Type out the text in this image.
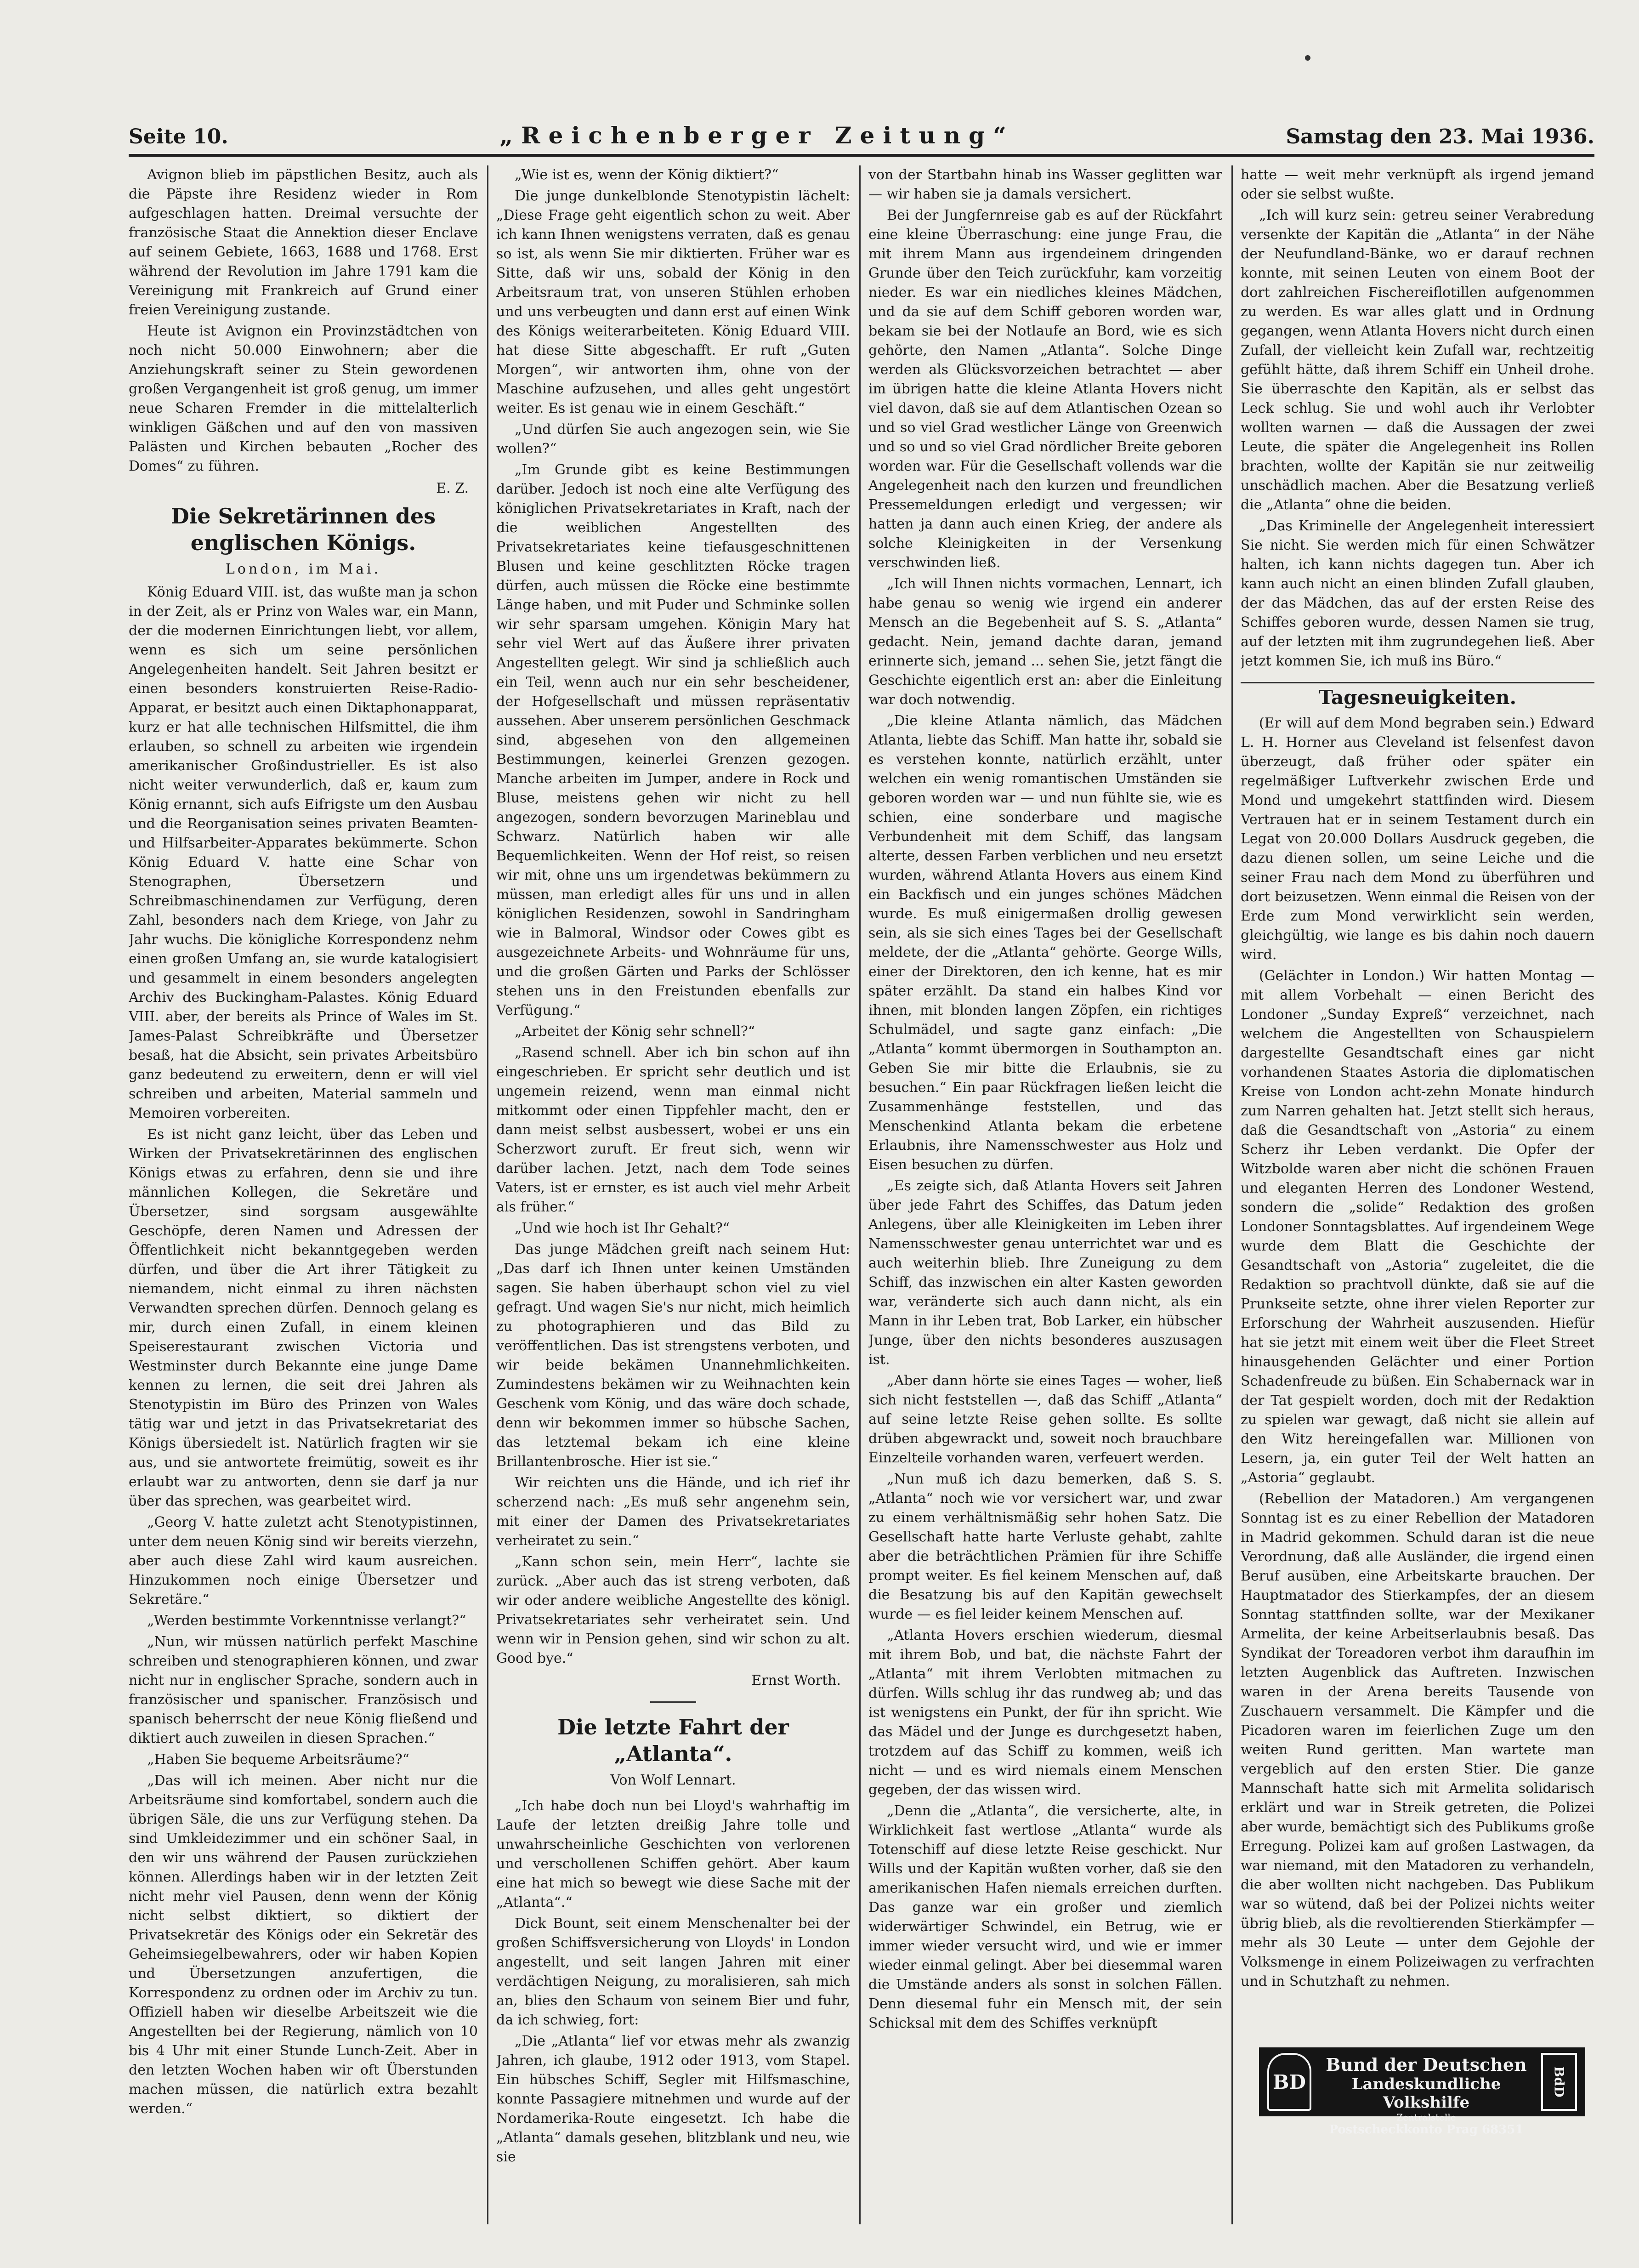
Seite 10.	„Reichenberger Zeitung“	Samstag den 23. Mai 1936.

Avignon blieb im päpstlichen Besitz, auch als die Päpste ihre Residenz wieder in Rom aufgeschlagen hatten. Dreimal versuchte der französische Staat die Annektion dieser Enclave auf seinem Gebiete, 1663, 1688 und 1768. Erst während der Revolution im Jahre 1791 kam die Vereinigung mit Frankreich auf Grund einer freien Vereinigung zustande.

Heute ist Avignon ein Provinzstädtchen von noch nicht 50.000 Einwohnern; aber die Anziehungskraft seiner zu Stein gewordenen großen Vergangenheit ist groß genug, um immer neue Scharen Fremder in die mittelalterlich winkligen Gäßchen und auf den von massiven Palästen und Kirchen bebauten „Rocher des Domes“ zu führen.

E. Z.
Die Sekretärinnen des englischen Königs.
London, im Mai.

König Eduard VIII. ist, das wußte man ja schon in der Zeit, als er Prinz von Wales war, ein Mann, der die modernen Einrichtungen liebt, vor allem, wenn es sich um seine persönlichen Angelegenheiten handelt. Seit Jahren besitzt er einen besonders konstruierten Reise-Radio-Apparat, er besitzt auch einen Diktaphonapparat, kurz er hat alle technischen Hilfsmittel, die ihm erlauben, so schnell zu arbeiten wie irgendein amerikanischer Großindustrieller. Es ist also nicht weiter verwunderlich, daß er, kaum zum König ernannt, sich aufs Eifrigste um den Ausbau und die Reorganisation seines privaten Beamten- und Hilfsarbeiter-Apparates bekümmerte. Schon König Eduard V. hatte eine Schar von Stenographen, Übersetzern und Schreibmaschinendamen zur Verfügung, deren Zahl, besonders nach dem Kriege, von Jahr zu Jahr wuchs. Die königliche Korrespondenz nehm einen großen Umfang an, sie wurde katalogisiert und gesammelt in einem besonders angelegten Archiv des Buckingham-Palastes. König Eduard VIII. aber, der bereits als Prince of Wales im St. James-Palast Schreibkräfte und Übersetzer besaß, hat die Absicht, sein privates Arbeitsbüro ganz bedeutend zu erweitern, denn er will viel schreiben und arbeiten, Material sammeln und Memoiren vorbereiten.

Es ist nicht ganz leicht, über das Leben und Wirken der Privatsekretärinnen des englischen Königs etwas zu erfahren, denn sie und ihre männlichen Kollegen, die Sekretäre und Übersetzer, sind sorgsam ausgewählte Geschöpfe, deren Namen und Adressen der Öffentlichkeit nicht bekanntgegeben werden dürfen, und über die Art ihrer Tätigkeit zu niemandem, nicht einmal zu ihren nächsten Verwandten sprechen dürfen. Dennoch gelang es mir, durch einen Zufall, in einem kleinen Speiserestaurant zwischen Victoria und Westminster durch Bekannte eine junge Dame kennen zu lernen, die seit drei Jahren als Stenotypistin im Büro des Prinzen von Wales tätig war und jetzt in das Privatsekretariat des Königs übersiedelt ist. Natürlich fragten wir sie aus, und sie antwortete freimütig, soweit es ihr erlaubt war zu antworten, denn sie darf ja nur über das sprechen, was gearbeitet wird.

„Georg V. hatte zuletzt acht Stenotypistinnen, unter dem neuen König sind wir bereits vierzehn, aber auch diese Zahl wird kaum ausreichen. Hinzukommen noch einige Übersetzer und Sekretäre.“

„Werden bestimmte Vorkenntnisse verlangt?“

„Nun, wir müssen natürlich perfekt Maschine schreiben und stenographieren können, und zwar nicht nur in englischer Sprache, sondern auch in französischer und spanischer. Französisch und spanisch beherrscht der neue König fließend und diktiert auch zuweilen in diesen Sprachen.“

„Haben Sie bequeme Arbeitsräume?“

„Das will ich meinen. Aber nicht nur die Arbeitsräume sind komfortabel, sondern auch die übrigen Säle, die uns zur Verfügung stehen. Da sind Umkleidezimmer und ein schöner Saal, in den wir uns während der Pausen zurückziehen können. Allerdings haben wir in der letzten Zeit nicht mehr viel Pausen, denn wenn der König nicht selbst diktiert, so diktiert der Privatsekretär des Königs oder ein Sekretär des Geheimsiegelbewahrers, oder wir haben Kopien und Übersetzungen anzufertigen, die Korrespondenz zu ordnen oder im Archiv zu tun. Offiziell haben wir dieselbe Arbeitszeit wie die Angestellten bei der Regierung, nämlich von 10 bis 4 Uhr mit einer Stunde Lunch-Zeit. Aber in den letzten Wochen haben wir oft Überstunden machen müssen, die natürlich extra bezahlt werden.“

„Wie ist es, wenn der König diktiert?“

Die junge dunkelblonde Stenotypistin lächelt: „Diese Frage geht eigentlich schon zu weit. Aber ich kann Ihnen wenigstens verraten, daß es genau so ist, als wenn Sie mir diktierten. Früher war es Sitte, daß wir uns, sobald der König in den Arbeitsraum trat, von unseren Stühlen erhoben und uns verbeugten und dann erst auf einen Wink des Königs weiterarbeiteten. König Eduard VIII. hat diese Sitte abgeschafft. Er ruft „Guten Morgen“, wir antworten ihm, ohne von der Maschine aufzusehen, und alles geht ungestört weiter. Es ist genau wie in einem Geschäft.“

„Und dürfen Sie auch angezogen sein, wie Sie wollen?“

„Im Grunde gibt es keine Bestimmungen darüber. Jedoch ist noch eine alte Verfügung des königlichen Privatsekretariates in Kraft, nach der die weiblichen Angestellten des Privatsekretariates keine tiefausgeschnittenen Blusen und keine geschlitzten Röcke tragen dürfen, auch müssen die Röcke eine bestimmte Länge haben, und mit Puder und Schminke sollen wir sehr sparsam umgehen. Königin Mary hat sehr viel Wert auf das Äußere ihrer privaten Angestellten gelegt. Wir sind ja schließlich auch ein Teil, wenn auch nur ein sehr bescheidener, der Hofgesellschaft und müssen repräsentativ aussehen. Aber unserem persönlichen Geschmack sind, abgesehen von den allgemeinen Bestimmungen, keinerlei Grenzen gezogen. Manche arbeiten im Jumper, andere in Rock und Bluse, meistens gehen wir nicht zu hell angezogen, sondern bevorzugen Marineblau und Schwarz. Natürlich haben wir alle Bequemlichkeiten. Wenn der Hof reist, so reisen wir mit, ohne uns um irgendetwas bekümmern zu müssen, man erledigt alles für uns und in allen königlichen Residenzen, sowohl in Sandringham wie in Balmoral, Windsor oder Cowes gibt es ausgezeichnete Arbeits- und Wohnräume für uns, und die großen Gärten und Parks der Schlösser stehen uns in den Freistunden ebenfalls zur Verfügung.“

„Arbeitet der König sehr schnell?“

„Rasend schnell. Aber ich bin schon auf ihn eingeschrieben. Er spricht sehr deutlich und ist ungemein reizend, wenn man einmal nicht mitkommt oder einen Tippfehler macht, den er dann meist selbst ausbessert, wobei er uns ein Scherzwort zuruft. Er freut sich, wenn wir darüber lachen. Jetzt, nach dem Tode seines Vaters, ist er ernster, es ist auch viel mehr Arbeit als früher.“

„Und wie hoch ist Ihr Gehalt?“

Das junge Mädchen greift nach seinem Hut: „Das darf ich Ihnen unter keinen Umständen sagen. Sie haben überhaupt schon viel zu viel gefragt. Und wagen Sie's nur nicht, mich heimlich zu photographieren und das Bild zu veröffentlichen. Das ist strengstens verboten, und wir beide bekämen Unannehmlichkeiten. Zumindestens bekämen wir zu Weihnachten kein Geschenk vom König, und das wäre doch schade, denn wir bekommen immer so hübsche Sachen, das letztemal bekam ich eine kleine Brillantenbrosche. Hier ist sie.“

Wir reichten uns die Hände, und ich rief ihr scherzend nach: „Es muß sehr angenehm sein, mit einer der Damen des Privatsekretariates verheiratet zu sein.“

„Kann schon sein, mein Herr“, lachte sie zurück. „Aber auch das ist streng verboten, daß wir oder andere weibliche Angestellte des königl. Privatsekretariates sehr verheiratet sein. Und wenn wir in Pension gehen, sind wir schon zu alt. Good bye.“

Ernst Worth.
Die letzte Fahrt der „Atlanta“.
Von Wolf Lennart.

„Ich habe doch nun bei Lloyd's wahrhaftig im Laufe der letzten dreißig Jahre tolle und unwahrscheinliche Geschichten von verlorenen und verschollenen Schiffen gehört. Aber kaum eine hat mich so bewegt wie diese Sache mit der „Atlanta“.“

Dick Bount, seit einem Menschenalter bei der großen Schiffsversicherung von Lloyds' in London angestellt, und seit langen Jahren mit einer verdächtigen Neigung, zu moralisieren, sah mich an, blies den Schaum von seinem Bier und fuhr, da ich schwieg, fort:

„Die „Atlanta“ lief vor etwas mehr als zwanzig Jahren, ich glaube, 1912 oder 1913, vom Stapel. Ein hübsches Schiff, Segler mit Hilfsmaschine, konnte Passagiere mitnehmen und wurde auf der Nordamerika-Route eingesetzt. Ich habe die „Atlanta“ damals gesehen, blitzblank und neu, wie sie

von der Startbahn hinab ins Wasser geglitten war — wir haben sie ja damals versichert.

Bei der Jungfernreise gab es auf der Rückfahrt eine kleine Überraschung: eine junge Frau, die mit ihrem Mann aus irgendeinem dringenden Grunde über den Teich zurückfuhr, kam vorzeitig nieder. Es war ein niedliches kleines Mädchen, und da sie auf dem Schiff geboren worden war, bekam sie bei der Notlaufe an Bord, wie es sich gehörte, den Namen „Atlanta“. Solche Dinge werden als Glücksvorzeichen betrachtet — aber im übrigen hatte die kleine Atlanta Hovers nicht viel davon, daß sie auf dem Atlantischen Ozean so und so viel Grad westlicher Länge von Greenwich und so und so viel Grad nördlicher Breite geboren worden war. Für die Gesellschaft vollends war die Angelegenheit nach den kurzen und freundlichen Pressemeldungen erledigt und vergessen; wir hatten ja dann auch einen Krieg, der andere als solche Kleinigkeiten in der Versenkung verschwinden ließ.

„Ich will Ihnen nichts vormachen, Lennart, ich habe genau so wenig wie irgend ein anderer Mensch an die Begebenheit auf S. S. „Atlanta“ gedacht. Nein, jemand dachte daran, jemand erinnerte sich, jemand ... sehen Sie, jetzt fängt die Geschichte eigentlich erst an: aber die Einleitung war doch notwendig.

„Die kleine Atlanta nämlich, das Mädchen Atlanta, liebte das Schiff. Man hatte ihr, sobald sie es verstehen konnte, natürlich erzählt, unter welchen ein wenig romantischen Umständen sie geboren worden war — und nun fühlte sie, wie es schien, eine sonderbare und magische Verbundenheit mit dem Schiff, das langsam alterte, dessen Farben verblichen und neu ersetzt wurden, während Atlanta Hovers aus einem Kind ein Backfisch und ein junges schönes Mädchen wurde. Es muß einigermaßen drollig gewesen sein, als sie sich eines Tages bei der Gesellschaft meldete, der die „Atlanta“ gehörte. George Wills, einer der Direktoren, den ich kenne, hat es mir später erzählt. Da stand ein halbes Kind vor ihnen, mit blonden langen Zöpfen, ein richtiges Schulmädel, und sagte ganz einfach: „Die „Atlanta“ kommt übermorgen in Southampton an. Geben Sie mir bitte die Erlaubnis, sie zu besuchen.“ Ein paar Rückfragen ließen leicht die Zusammenhänge feststellen, und das Menschenkind Atlanta bekam die erbetene Erlaubnis, ihre Namensschwester aus Holz und Eisen besuchen zu dürfen.

„Es zeigte sich, daß Atlanta Hovers seit Jahren über jede Fahrt des Schiffes, das Datum jeden Anlegens, über alle Kleinigkeiten im Leben ihrer Namensschwester genau unterrichtet war und es auch weiterhin blieb. Ihre Zuneigung zu dem Schiff, das inzwischen ein alter Kasten geworden war, veränderte sich auch dann nicht, als ein Mann in ihr Leben trat, Bob Larker, ein hübscher Junge, über den nichts besonderes auszusagen ist.

„Aber dann hörte sie eines Tages — woher, ließ sich nicht feststellen —, daß das Schiff „Atlanta“ auf seine letzte Reise gehen sollte. Es sollte drüben abgewrackt und, soweit noch brauchbare Einzelteile vorhanden waren, verfeuert werden.

„Nun muß ich dazu bemerken, daß S. S. „Atlanta“ noch wie vor versichert war, und zwar zu einem verhältnismäßig sehr hohen Satz. Die Gesellschaft hatte harte Verluste gehabt, zahlte aber die beträchtlichen Prämien für ihre Schiffe prompt weiter. Es fiel keinem Menschen auf, daß die Besatzung bis auf den Kapitän gewechselt wurde — es fiel leider keinem Menschen auf.

„Atlanta Hovers erschien wiederum, diesmal mit ihrem Bob, und bat, die nächste Fahrt der „Atlanta“ mit ihrem Verlobten mitmachen zu dürfen. Wills schlug ihr das rundweg ab; und das ist wenigstens ein Punkt, der für ihn spricht. Wie das Mädel und der Junge es durchgesetzt haben, trotzdem auf das Schiff zu kommen, weiß ich nicht — und es wird niemals einem Menschen gegeben, der das wissen wird.

„Denn die „Atlanta“, die versicherte, alte, in Wirklichkeit fast wertlose „Atlanta“ wurde als Totenschiff auf diese letzte Reise geschickt. Nur Wills und der Kapitän wußten vorher, daß sie den amerikanischen Hafen niemals erreichen durften. Das ganze war ein großer und ziemlich widerwärtiger Schwindel, ein Betrug, wie er immer wieder versucht wird, und wie er immer wieder einmal gelingt. Aber bei diesemmal waren die Umstände anders als sonst in solchen Fällen. Denn diesemal fuhr ein Mensch mit, der sein Schicksal mit dem des Schiffes verknüpft

hatte — weit mehr verknüpft als irgend jemand oder sie selbst wußte.

„Ich will kurz sein: getreu seiner Verabredung versenkte der Kapitän die „Atlanta“ in der Nähe der Neufundland-Bänke, wo er darauf rechnen konnte, mit seinen Leuten von einem Boot der dort zahlreichen Fischereiflotillen aufgenommen zu werden. Es war alles glatt und in Ordnung gegangen, wenn Atlanta Hovers nicht durch einen Zufall, der vielleicht kein Zufall war, rechtzeitig gefühlt hätte, daß ihrem Schiff ein Unheil drohe. Sie überraschte den Kapitän, als er selbst das Leck schlug. Sie und wohl auch ihr Verlobter wollten warnen — daß die Aussagen der zwei Leute, die später die Angelegenheit ins Rollen brachten, wollte der Kapitän sie nur zeitweilig unschädlich machen. Aber die Besatzung verließ die „Atlanta“ ohne die beiden.

„Das Kriminelle der Angelegenheit interessiert Sie nicht. Sie werden mich für einen Schwätzer halten, ich kann nichts dagegen tun. Aber ich kann auch nicht an einen blinden Zufall glauben, der das Mädchen, das auf der ersten Reise des Schiffes geboren wurde, dessen Namen sie trug, auf der letzten mit ihm zugrundegehen ließ. Aber jetzt kommen Sie, ich muß ins Büro.“

Tagesneuigkeiten.

(Er will auf dem Mond begraben sein.) Edward L. H. Horner aus Cleveland ist felsenfest davon überzeugt, daß früher oder später ein regelmäßiger Luftverkehr zwischen Erde und Mond und umgekehrt stattfinden wird. Diesem Vertrauen hat er in seinem Testament durch ein Legat von 20.000 Dollars Ausdruck gegeben, die dazu dienen sollen, um seine Leiche und die seiner Frau nach dem Mond zu überführen und dort beizusetzen. Wenn einmal die Reisen von der Erde zum Mond verwirklicht sein werden, gleichgültig, wie lange es bis dahin noch dauern wird.

(Gelächter in London.) Wir hatten Montag — mit allem Vorbehalt — einen Bericht des Londoner „Sunday Expreß“ verzeichnet, nach welchem die Angestellten von Schauspielern dargestellte Gesandtschaft eines gar nicht vorhandenen Staates Astoria die diplomatischen Kreise von London acht-zehn Monate hindurch zum Narren gehalten hat. Jetzt stellt sich heraus, daß die Gesandtschaft von „Astoria“ zu einem Scherz ihr Leben verdankt. Die Opfer der Witzbolde waren aber nicht die schönen Frauen und eleganten Herren des Londoner Westend, sondern die „solide“ Redaktion des großen Londoner Sonntagsblattes. Auf irgendeinem Wege wurde dem Blatt die Geschichte der Gesandtschaft von „Astoria“ zugeleitet, die die Redaktion so prachtvoll dünkte, daß sie auf die Prunkseite setzte, ohne ihrer vielen Reporter zur Erforschung der Wahrheit auszusenden. Hiefür hat sie jetzt mit einem weit über die Fleet Street hinausgehenden Gelächter und einer Portion Schadenfreude zu büßen. Ein Schabernack war in der Tat gespielt worden, doch mit der Redaktion zu spielen war gewagt, daß nicht sie allein auf den Witz hereingefallen war. Millionen von Lesern, ja, ein guter Teil der Welt hatten an „Astoria“ geglaubt.

(Rebellion der Matadoren.) Am vergangenen Sonntag ist es zu einer Rebellion der Matadoren in Madrid gekommen. Schuld daran ist die neue Verordnung, daß alle Ausländer, die irgend einen Beruf ausüben, eine Arbeitskarte brauchen. Der Hauptmatador des Stierkampfes, der an diesem Sonntag stattfinden sollte, war der Mexikaner Armelita, der keine Arbeitserlaubnis besaß. Das Syndikat der Toreadoren verbot ihm daraufhin im letzten Augenblick das Auftreten. Inzwischen waren in der Arena bereits Tausende von Zuschauern versammelt. Die Kämpfer und die Picadoren waren im feierlichen Zuge um den weiten Rund geritten. Man wartete man vergeblich auf den ersten Stier. Die ganze Mannschaft hatte sich mit Armelita solidarisch erklärt und war in Streik getreten, die Polizei aber wurde, bemächtigt sich des Publikums große Erregung. Polizei kam auf großen Lastwagen, da war niemand, mit den Matadoren zu verhandeln, die aber wollten nicht nachgeben. Das Publikum war so wütend, daß bei der Polizei nichts weiter übrig blieb, als die revoltierenden Stierkämpfer — mehr als 30 Leute — unter dem Gejohle der Volksmenge in einem Polizeiwagen zu verfrachten und in Schutzhaft zu nehmen.

BD
Bund der Deutschen
Landeskundliche Volkshilfe
Zentralstelle
Postscheckkonto Prag 68351
BdD
